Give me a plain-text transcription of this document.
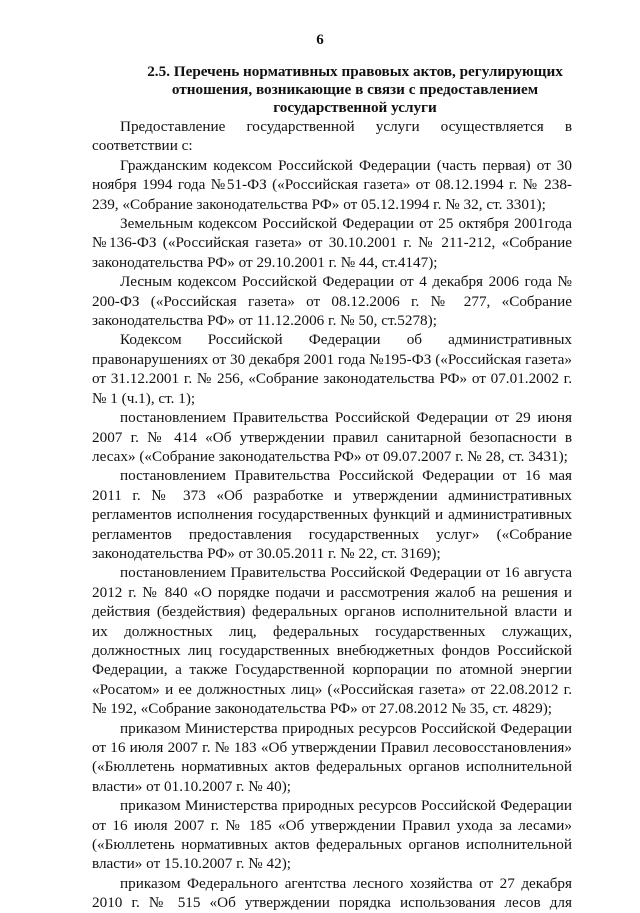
6
2.5. Перечень нормативных правовых актов, регулирующих отношения, возникающие в связи с предоставлением государственной услуги

Предоставление государственной услуги осуществляется в соответствии с:

Гражданским кодексом Российской Федерации (часть первая) от 30 ноября 1994 года №51-ФЗ («Российская газета» от 08.12.1994 г. № 238-239, «Собрание законодательства РФ» от 05.12.1994 г. № 32, ст. 3301);

Земельным кодексом Российской Федерации от 25 октября 2001года №136-ФЗ («Российская газета» от 30.10.2001 г. № 211-212, «Собрание законодательства РФ» от 29.10.2001 г. № 44, ст.4147);

Лесным кодексом Российской Федерации от 4 декабря 2006 года № 200-ФЗ («Российская газета» от 08.12.2006 г. № 277, «Собрание законодательства РФ» от 11.12.2006 г. № 50, ст.5278);

Кодексом Российской Федерации об административных правонарушениях от 30 декабря 2001 года №195-ФЗ («Российская газета» от 31.12.2001 г. № 256, «Собрание законодательства РФ» от 07.01.2002 г. № 1 (ч.1), ст. 1);

постановлением Правительства Российской Федерации от 29 июня 2007 г. № 414 «Об утверждении правил санитарной безопасности в лесах» («Собрание законодательства РФ» от 09.07.2007 г. № 28, ст. 3431);

постановлением Правительства Российской Федерации от 16 мая 2011 г. № 373 «Об разработке и утверждении административных регламентов исполнения государственных функций и административных регламентов предоставления государственных услуг» («Собрание законодательства РФ» от 30.05.2011 г. № 22, ст. 3169);

постановлением Правительства Российской Федерации от 16 августа 2012 г. № 840 «О порядке подачи и рассмотрения жалоб на решения и действия (бездействия) федеральных органов исполнительной власти и их должностных лиц, федеральных государственных служащих, должностных лиц государственных внебюджетных фондов Российской Федерации, а также Государственной корпорации по атомной энергии «Росатом» и ее должностных лиц» («Российская газета» от 22.08.2012 г. № 192, «Собрание законодательства РФ» от 27.08.2012 № 35, ст. 4829);

приказом Министерства природных ресурсов Российской Федерации от 16 июля 2007 г. № 183 «Об утверждении Правил лесовосстановления» («Бюллетень нормативных актов федеральных органов исполнительной власти» от 01.10.2007 г. № 40);

приказом Министерства природных ресурсов Российской Федерации от 16 июля 2007 г. № 185 «Об утверждении Правил ухода за лесами» («Бюллетень нормативных актов федеральных органов исполнительной власти» от 15.10.2007 г. № 42);

приказом Федерального агентства лесного хозяйства от 27 декабря 2010 г. № 515 «Об утверждении порядка использования лесов для
